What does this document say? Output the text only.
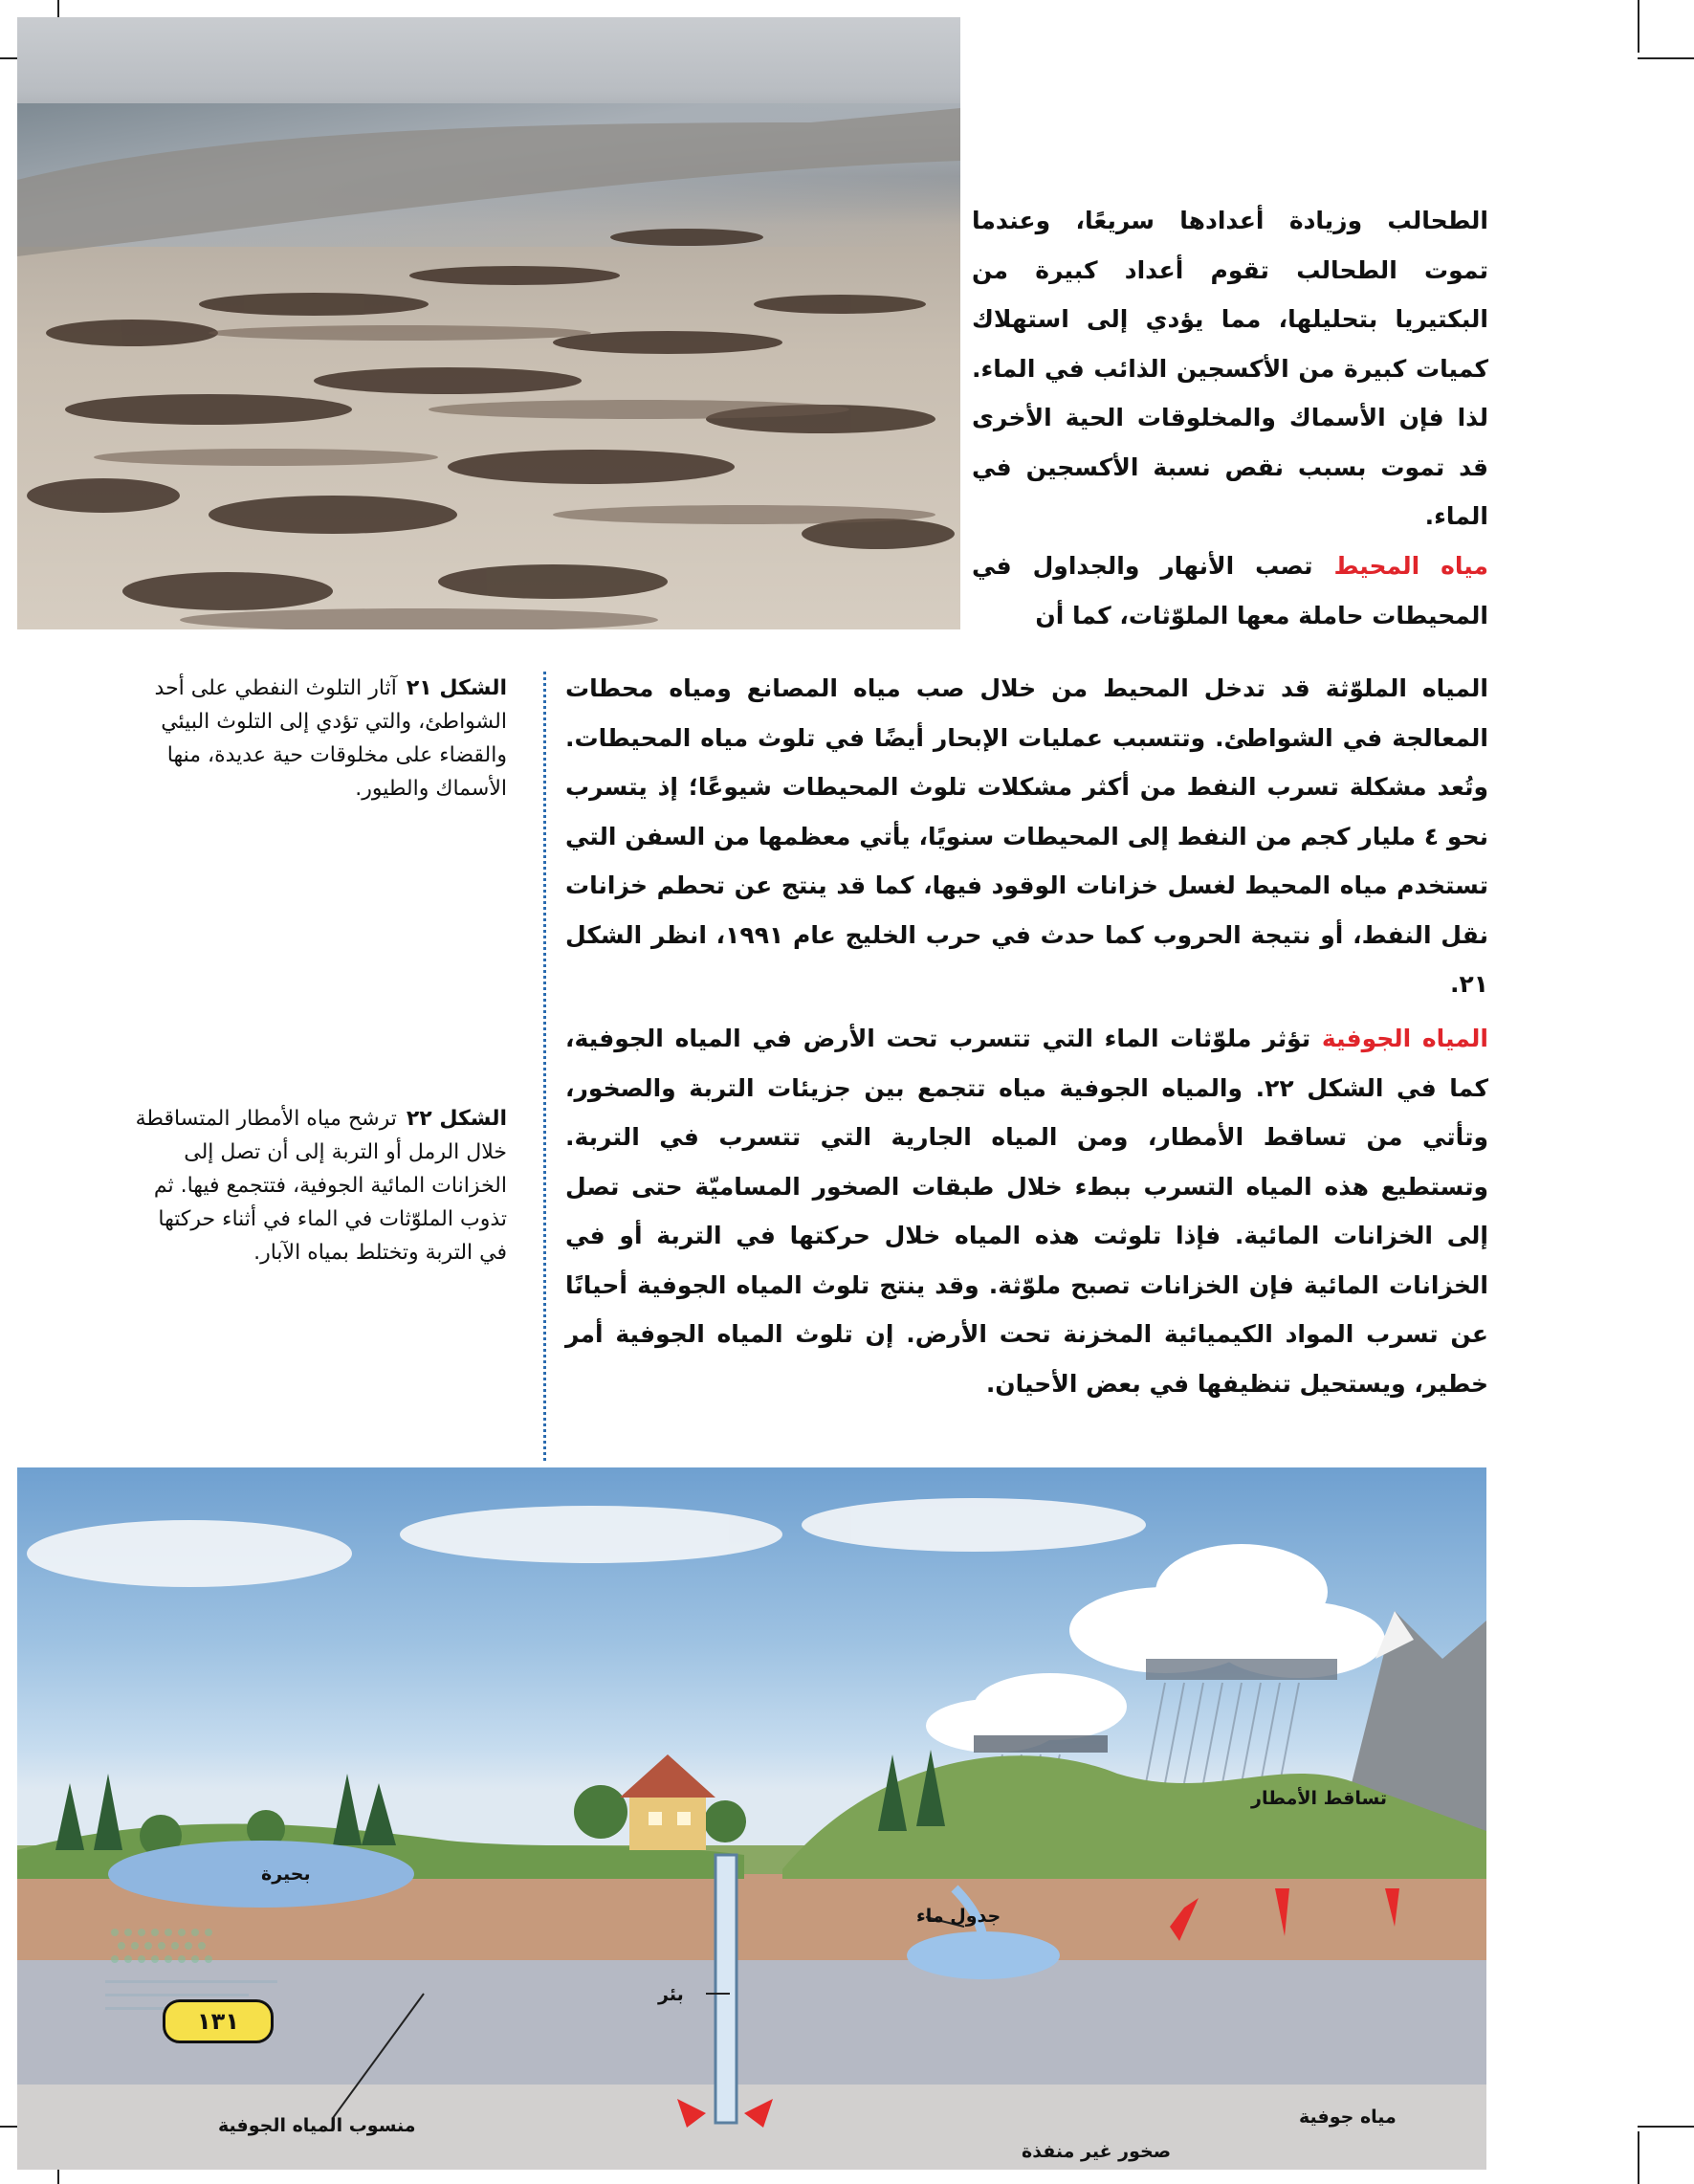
الطحالب وزيادة أعدادها سريعًا، وعندما تموت الطحالب تقوم أعداد كبيرة من البكتيريا بتحليلها، مما يؤدي إلى استهلاك كميات كبيرة من الأكسجين الذائب في الماء. لذا فإن الأسماك والمخلوقات الحية الأخرى قد تموت بسبب نقص نسبة الأكسجين في الماء.

مياه المحيط تصب الأنهار والجداول في المحيطات حاملة معها الملوّثات، كما أن

المياه الملوّثة قد تدخل المحيط من خلال صب مياه المصانع ومياه محطات المعالجة في الشواطئ. وتتسبب عمليات الإبحار أيضًا في تلوث مياه المحيطات. وتُعد مشكلة تسرب النفط من أكثر مشكلات تلوث المحيطات شيوعًا؛ إذ يتسرب نحو ٤ مليار كجم من النفط إلى المحيطات سنويًا، يأتي معظمها من السفن التي تستخدم مياه المحيط لغسل خزانات الوقود فيها، كما قد ينتج عن تحطم خزانات نقل النفط، أو نتيجة الحروب كما حدث في حرب الخليج عام ١٩٩١، انظر الشكل ٢١.

المياه الجوفية تؤثر ملوّثات الماء التي تتسرب تحت الأرض في المياه الجوفية، كما في الشكل ٢٢. والمياه الجوفية مياه تتجمع بين جزيئات التربة والصخور، وتأتي من تساقط الأمطار، ومن المياه الجارية التي تتسرب في التربة. وتستطيع هذه المياه التسرب ببطء خلال طبقات الصخور المساميّة حتى تصل إلى الخزانات المائية. فإذا تلوثت هذه المياه خلال حركتها في التربة أو في الخزانات المائية فإن الخزانات تصبح ملوّثة. وقد ينتج تلوث المياه الجوفية أحيانًا عن تسرب المواد الكيميائية المخزنة تحت الأرض. إن تلوث المياه الجوفية أمر خطير، ويستحيل تنظيفها في بعض الأحيان.

الشكل ٢١آثار التلوث النفطي على أحد الشواطئ، والتي تؤدي إلى التلوث البيئي والقضاء على مخلوقات حية عديدة، منها الأسماك والطيور.
الشكل ٢٢ترشح مياه الأمطار المتساقطة خلال الرمل أو التربة إلى أن تصل إلى الخزانات المائية الجوفية، فتتجمع فيها. ثم تذوب الملوّثات في الماء في أثناء حركتها في التربة وتختلط بمياه الآبار.
تساقط الأمطار
بحيرة
بئر
جدول ماء
منسوب المياه الجوفية	مياه جوفية
صخور غير منفذة
١٣١
